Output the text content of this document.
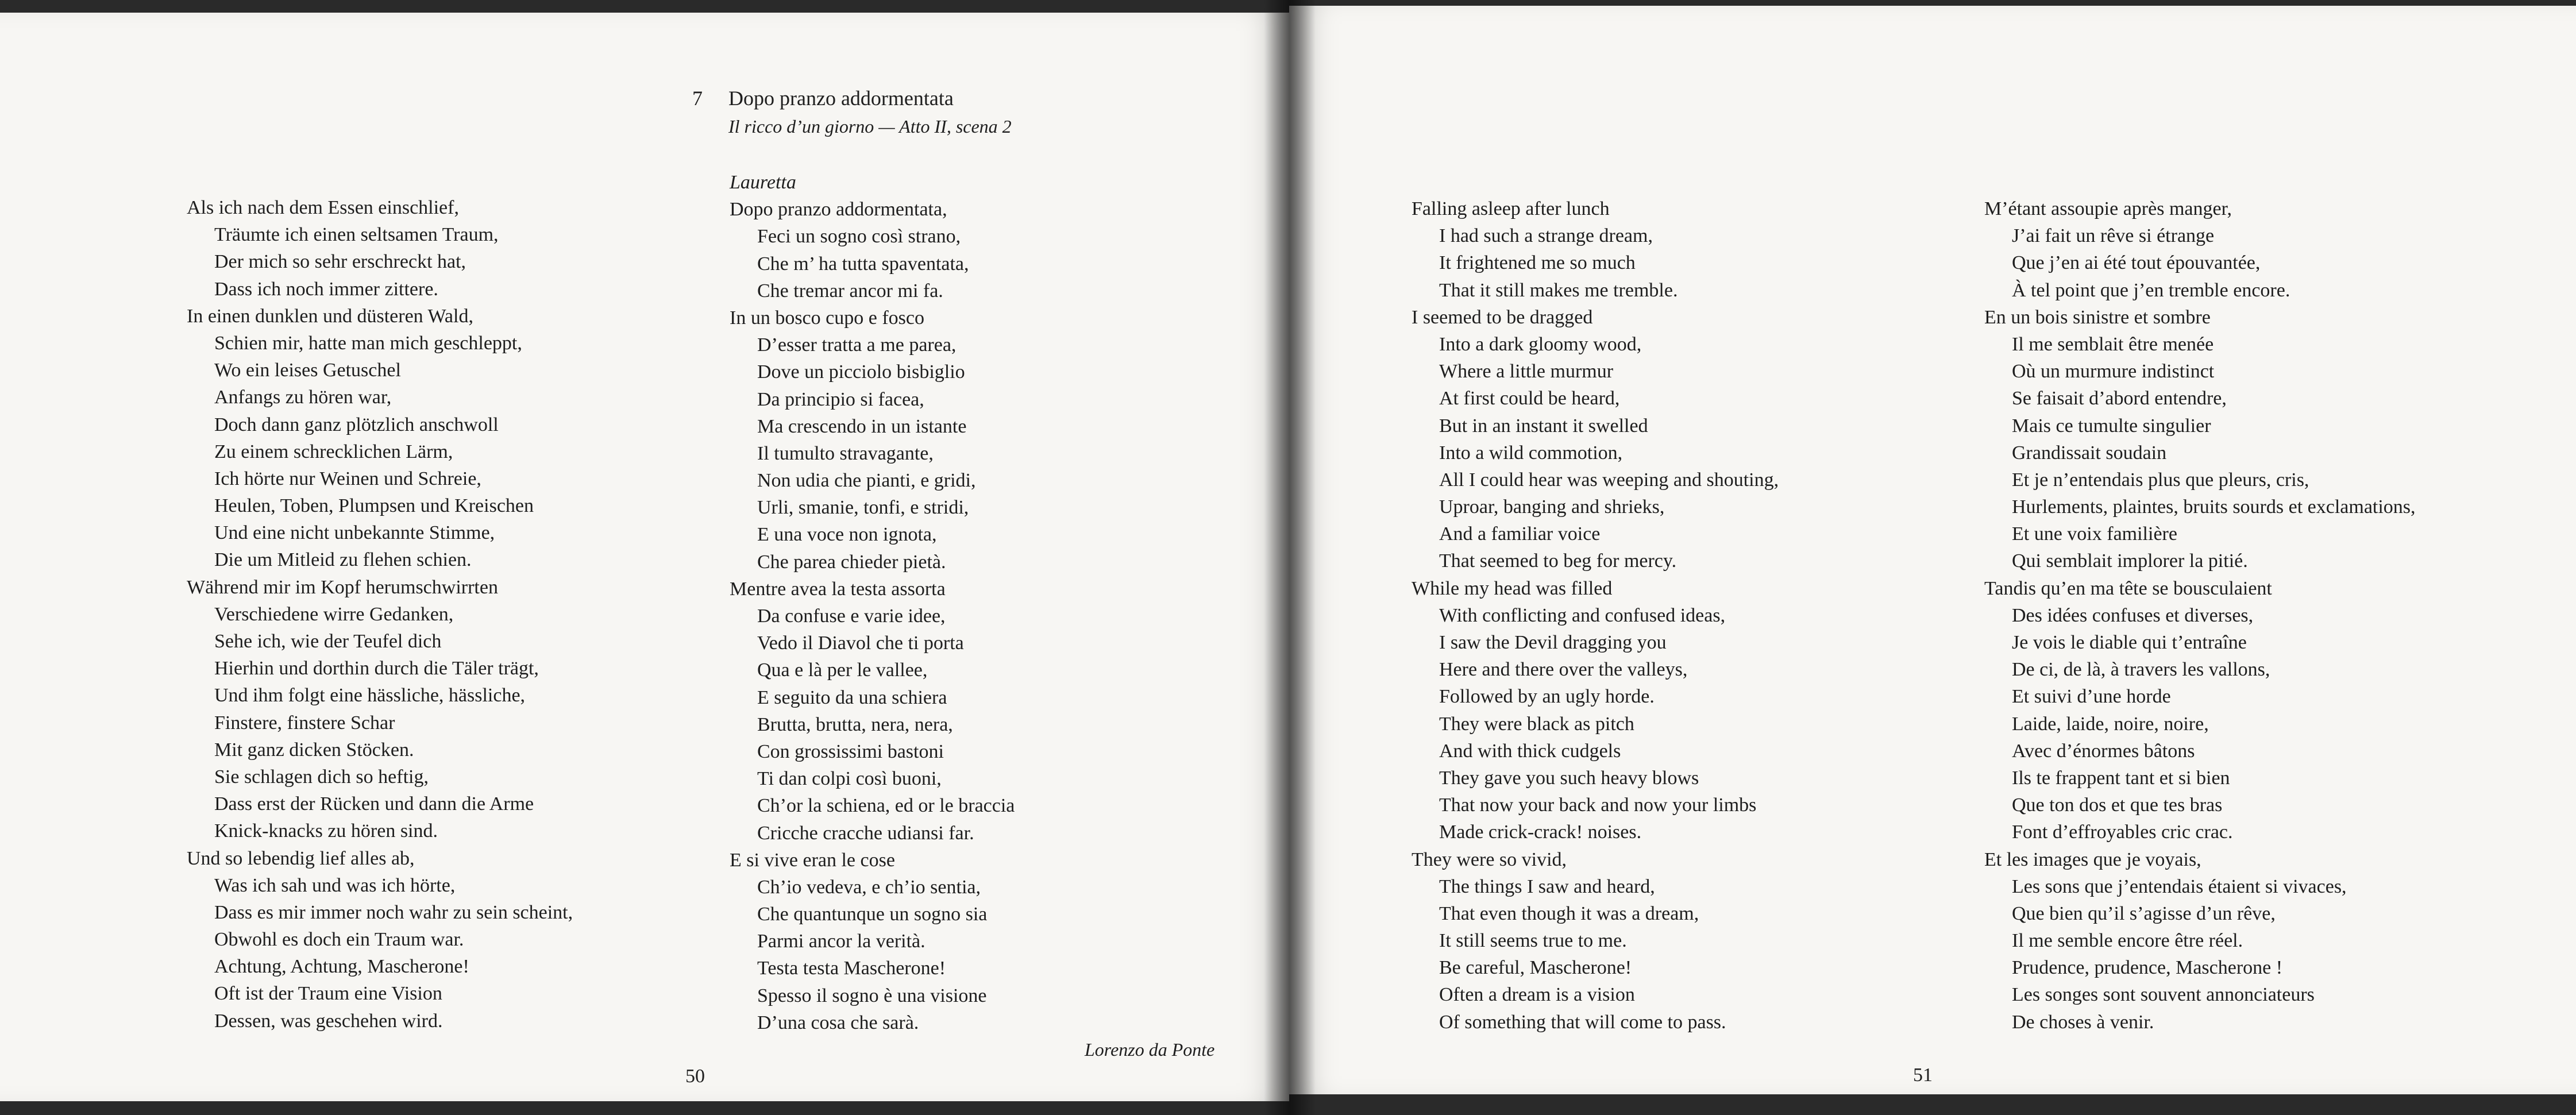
7 Dopo pranzo addormentata
Il ricco d’un giorno — Atto II, scena 2
Als ich nach dem Essen einschlief,
Träumte ich einen seltsamen Traum,
Der mich so sehr erschreckt hat,
Dass ich noch immer zittere.
In einen dunklen und düsteren Wald,
Schien mir, hatte man mich geschleppt,
Wo ein leises Getuschel
Anfangs zu hören war,
Doch dann ganz plötzlich anschwoll
Zu einem schrecklichen Lärm,
Ich hörte nur Weinen und Schreie,
Heulen, Toben, Plumpsen und Kreischen
Und eine nicht unbekannte Stimme,
Die um Mitleid zu flehen schien.
Während mir im Kopf herumschwirrten
Verschiedene wirre Gedanken,
Sehe ich, wie der Teufel dich
Hierhin und dorthin durch die Täler trägt,
Und ihm folgt eine hässliche, hässliche,
Finstere, finstere Schar
Mit ganz dicken Stöcken.
Sie schlagen dich so heftig,
Dass erst der Rücken und dann die Arme
Knick-knacks zu hören sind.
Und so lebendig lief alles ab,
Was ich sah und was ich hörte,
Dass es mir immer noch wahr zu sein scheint,
Obwohl es doch ein Traum war.
Achtung, Achtung, Mascherone!
Oft ist der Traum eine Vision
Dessen, was geschehen wird.
Lauretta
Dopo pranzo addormentata,
Feci un sogno così strano,
Che m’ ha tutta spaventata,
Che tremar ancor mi fa.
In un bosco cupo e fosco
D’esser tratta a me parea,
Dove un picciolo bisbiglio
Da principio si facea,
Ma crescendo in un istante
Il tumulto stravagante,
Non udia che pianti, e gridi,
Urli, smanie, tonfi, e stridi,
E una voce non ignota,
Che parea chieder pietà.
Mentre avea la testa assorta
Da confuse e varie idee,
Vedo il Diavol che ti porta
Qua e là per le vallee,
E seguito da una schiera
Brutta, brutta, nera, nera,
Con grossissimi bastoni
Ti dan colpi così buoni,
Ch’or la schiena, ed or le braccia
Cricche cracche udiansi far.
E si vive eran le cose
Ch’io vedeva, e ch’io sentia,
Che quantunque un sogno sia
Parmi ancor la verità.
Testa testa Mascherone!
Spesso il sogno è una visione
D’una cosa che sarà.
Lorenzo da Ponte
50
Falling asleep after lunch
I had such a strange dream,
It frightened me so much
That it still makes me tremble.
I seemed to be dragged
Into a dark gloomy wood,
Where a little murmur
At first could be heard,
But in an instant it swelled
Into a wild commotion,
All I could hear was weeping and shouting,
Uproar, banging and shrieks,
And a familiar voice
That seemed to beg for mercy.
While my head was filled
With conflicting and confused ideas,
I saw the Devil dragging you
Here and there over the valleys,
Followed by an ugly horde.
They were black as pitch
And with thick cudgels
They gave you such heavy blows
That now your back and now your limbs
Made crick-crack! noises.
They were so vivid,
The things I saw and heard,
That even though it was a dream,
It still seems true to me.
Be careful, Mascherone!
Often a dream is a vision
Of something that will come to pass.
M’étant assoupie après manger,
J’ai fait un rêve si étrange
Que j’en ai été tout épouvantée,
À tel point que j’en tremble encore.
En un bois sinistre et sombre
Il me semblait être menée
Où un murmure indistinct
Se faisait d’abord entendre,
Mais ce tumulte singulier
Grandissait soudain
Et je n’entendais plus que pleurs, cris,
Hurlements, plaintes, bruits sourds et exclamations,
Et une voix familière
Qui semblait implorer la pitié.
Tandis qu’en ma tête se bousculaient
Des idées confuses et diverses,
Je vois le diable qui t’entraîne
De ci, de là, à travers les vallons,
Et suivi d’une horde
Laide, laide, noire, noire,
Avec d’énormes bâtons
Ils te frappent tant et si bien
Que ton dos et que tes bras
Font d’effroyables cric crac.
Et les images que je voyais,
Les sons que j’entendais étaient si vivaces,
Que bien qu’il s’agisse d’un rêve,
Il me semble encore être réel.
Prudence, prudence, Mascherone !
Les songes sont souvent annonciateurs
De choses à venir.
51
